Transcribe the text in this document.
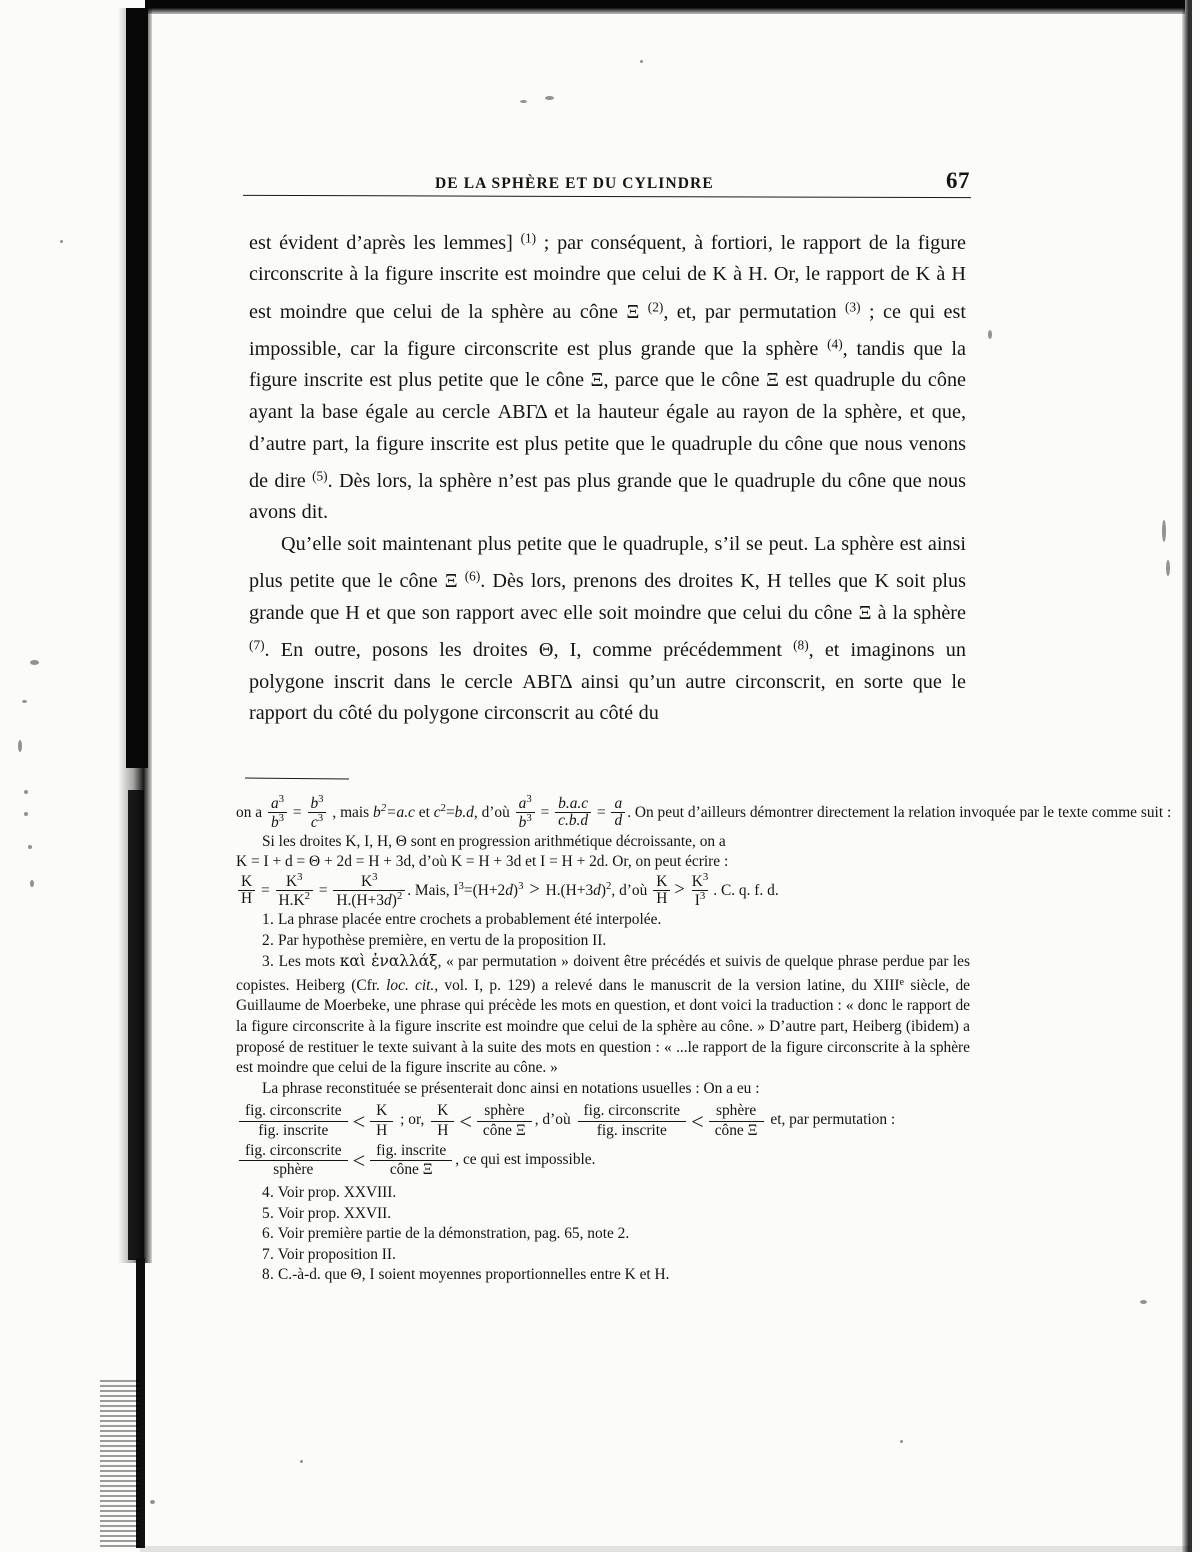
DE LA SPHÈRE ET DU CYLINDRE	67

est évident d’après les lemmes] $^{(1)}$ ; par conséquent, à fortiori, le rapport de la figure circonscrite à la figure inscrite est moindre que celui de K à H. Or, le rapport de K à H est moindre que celui de la sphère au cône Ξ $^{(2)}$, et, par permutation $^{(3)}$ ; ce qui est impossible, car la figure circonscrite est plus grande que la sphère $^{(4)}$, tandis que la figure inscrite est plus petite que le cône Ξ, parce que le cône Ξ est quadruple du cône ayant la base égale au cercle ΑΒΓΔ et la hauteur égale au rayon de la sphère, et que, d’autre part, la figure inscrite est plus petite que le quadruple du cône que nous venons de dire $^{(5)}$. Dès lors, la sphère n’est pas plus grande que le quadruple du cône que nous avons dit.

Qu’elle soit maintenant plus petite que le quadruple, s’il se peut. La sphère est ainsi plus petite que le cône Ξ $^{(6)}$. Dès lors, prenons des droites K, H telles que K soit plus grande que H et que son rapport avec elle soit moindre que celui du cône Ξ à la sphère $^{(7)}$. En outre, posons les droites Θ, I, comme précédemment $^{(8)}$, et imaginons un polygone inscrit dans le cercle ΑΒΓΔ ainsi qu’un autre circonscrit, en sorte que le rapport du côté du polygone circonscrit au côté du

on a $\frac{a^3}{b^3} = \frac{b^3}{c^3}$ , mais $b^2=a.c$ et $c^2=b.d$, d’où $\frac{a^3}{b^3} = \frac{b.a.c}{c.b.d} = \frac{a}{d}$ . On peut d’ailleurs démontrer directement la relation invoquée par le texte comme suit :

Si les droites K, I, H, Θ sont en progression arithmétique décroissante, on a

K = I + d = Θ + 2d = H + 3d, d’où K = H + 3d et I = H + 2d. Or, on peut écrire :

$\frac{K}{H} = \frac{K^3}{H.K^2} = \frac{K^3}{H.(H+3d)^2}$ . Mais, $I^3=(H+2d)^3 > H.(H+3d)^2$, d’où $\frac{K}{H} > \frac{K^3}{I^3}$ . C. q. f. d.

1. La phrase placée entre crochets a probablement été interpolée.

2. Par hypothèse première, en vertu de la proposition II.

3. Les mots καὶ ἐναλλάξ, « par permutation » doivent être précédés et suivis de quelque phrase perdue par les copistes. Heiberg (Cfr. loc. cit., vol. I, p. 129) a relevé dans le manuscrit de la version latine, du XIIIe siècle, de Guillaume de Moerbeke, une phrase qui précède les mots en question, et dont voici la traduction : « donc le rapport de la figure circonscrite à la figure inscrite est moindre que celui de la sphère au cône. » D’autre part, Heiberg (ibidem) a proposé de restituer le texte suivant à la suite des mots en question : « ...le rapport de la figure circonscrite à la sphère est moindre que celui de la figure inscrite au cône. »

La phrase reconstituée se présenterait donc ainsi en notations usuelles : On a eu :

$\frac{\text{fig. circonscrite}}{\text{fig. inscrite}} < \frac{K}{H}$ ; or, $\frac{K}{H} < \frac{\text{sphère}}{\text{cône Ξ}}$ , d’où $\frac{\text{fig. circonscrite}}{\text{fig. inscrite}} < \frac{\text{sphère}}{\text{cône Ξ}}$ et, par permutation :

$\frac{\text{fig. circonscrite}}{\text{sphère}} < \frac{\text{fig. inscrite}}{\text{cône Ξ}}$ , ce qui est impossible.

4. Voir prop. XXVIII.

5. Voir prop. XXVII.

6. Voir première partie de la démonstration, pag. 65, note 2.

7. Voir proposition II.

8. C.-à-d. que Θ, I soient moyennes proportionnelles entre K et H.
